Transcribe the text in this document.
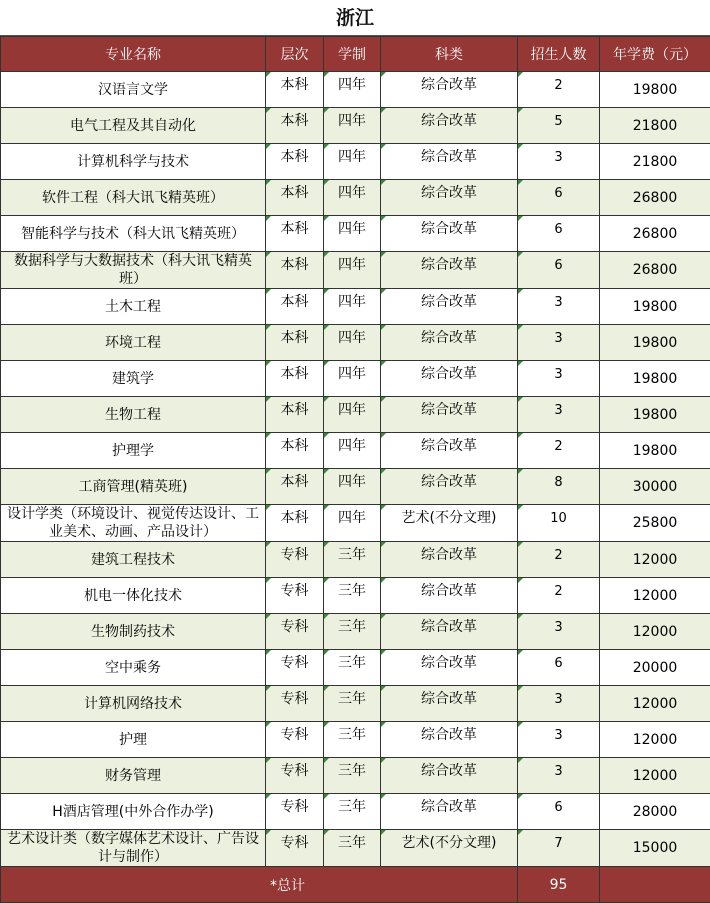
浙江
专业名称	层次	学制	科类	招生人数	年学费（元）
汉语言文学	本科	四年	综合改革	2	19800
电气工程及其自动化	本科	四年	综合改革	5	21800
计算机科学与技术	本科	四年	综合改革	3	21800
软件工程（科大讯飞精英班）	本科	四年	综合改革	6	26800
智能科学与技术（科大讯飞精英班）	本科	四年	综合改革	6	26800
数据科学与大数据技术（科大讯飞精英班）	本科	四年	综合改革	6	26800
土木工程	本科	四年	综合改革	3	19800
环境工程	本科	四年	综合改革	3	19800
建筑学	本科	四年	综合改革	3	19800
生物工程	本科	四年	综合改革	3	19800
护理学	本科	四年	综合改革	2	19800
工商管理(精英班)	本科	四年	综合改革	8	30000
设计学类（环境设计、视觉传达设计、工业美术、动画、产品设计）	本科	四年	艺术(不分文理)	10	25800
建筑工程技术	专科	三年	综合改革	2	12000
机电一体化技术	专科	三年	综合改革	2	12000
生物制药技术	专科	三年	综合改革	3	12000
空中乘务	专科	三年	综合改革	6	20000
计算机网络技术	专科	三年	综合改革	3	12000
护理	专科	三年	综合改革	3	12000
财务管理	专科	三年	综合改革	3	12000
H酒店管理(中外合作办学)	专科	三年	综合改革	6	28000
艺术设计类（数字媒体艺术设计、广告设计与制作）	专科	三年	艺术(不分文理)	7	15000
*总计				95	
